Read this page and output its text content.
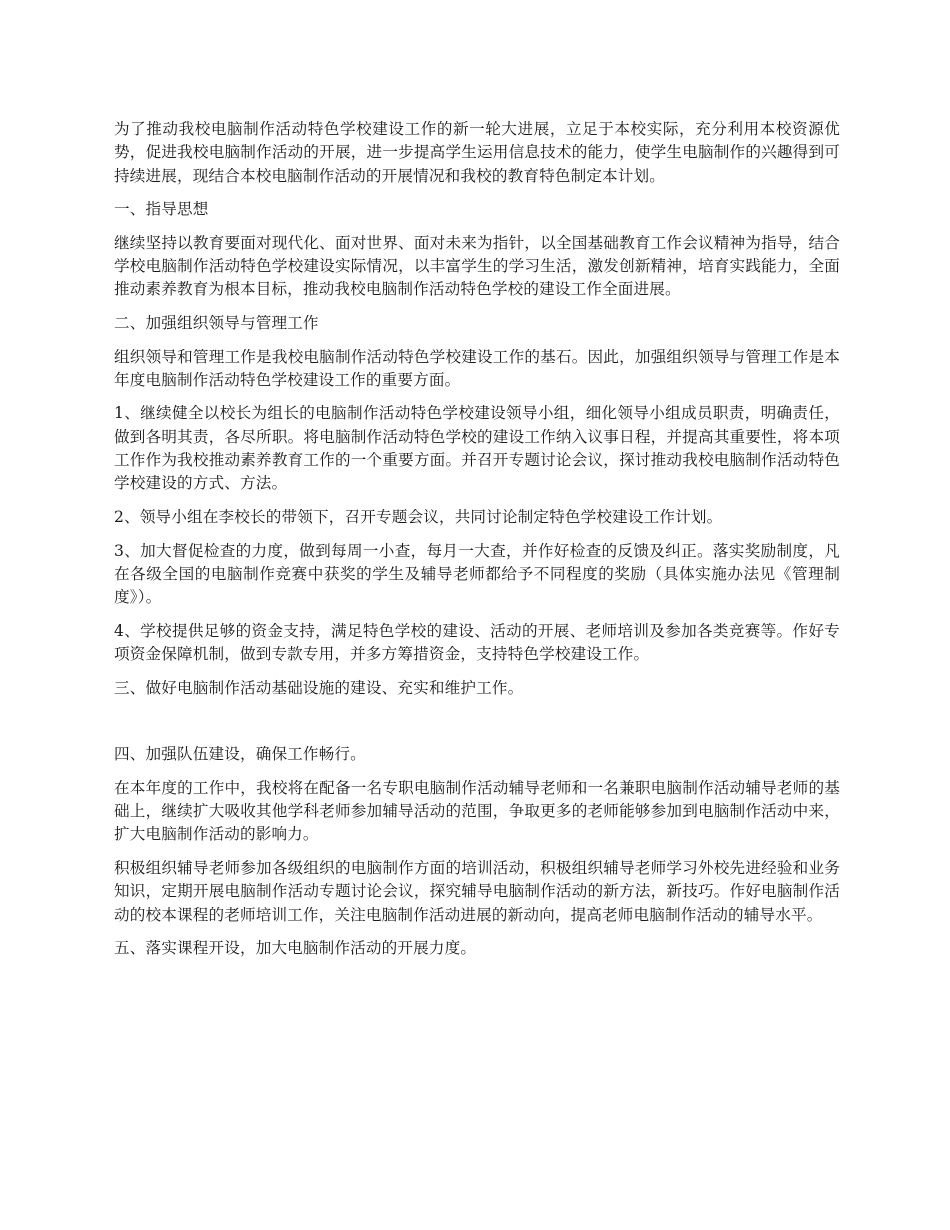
为了推动我校电脑制作活动特色学校建设工作的新一轮大进展，立足于本校实际，充分利用本校资源优势，促进我校电脑制作活动的开展，进一步提高学生运用信息技术的能力，使学生电脑制作的兴趣得到可持续进展，现结合本校电脑制作活动的开展情况和我校的教育特色制定本计划。

一、指导思想

继续坚持以教育要面对现代化、面对世界、面对未来为指针，以全国基础教育工作会议精神为指导，结合学校电脑制作活动特色学校建设实际情况，以丰富学生的学习生活，激发创新精神，培育实践能力，全面推动素养教育为根本目标，推动我校电脑制作活动特色学校的建设工作全面进展。

二、加强组织领导与管理工作

组织领导和管理工作是我校电脑制作活动特色学校建设工作的基石。因此，加强组织领导与管理工作是本年度电脑制作活动特色学校建设工作的重要方面。

1、继续健全以校长为组长的电脑制作活动特色学校建设领导小组，细化领导小组成员职责，明确责任，做到各明其责，各尽所职。将电脑制作活动特色学校的建设工作纳入议事日程，并提高其重要性，将本项工作作为我校推动素养教育工作的一个重要方面。并召开专题讨论会议，探讨推动我校电脑制作活动特色学校建设的方式、方法。

2、领导小组在李校长的带领下，召开专题会议，共同讨论制定特色学校建设工作计划。

3、加大督促检查的力度，做到每周一小查，每月一大查，并作好检查的反馈及纠正。落实奖励制度，凡在各级全国的电脑制作竞赛中获奖的学生及辅导老师都给予不同程度的奖励（具体实施办法见《管理制度》）。

4、学校提供足够的资金支持，满足特色学校的建设、活动的开展、老师培训及参加各类竞赛等。作好专项资金保障机制，做到专款专用，并多方筹措资金，支持特色学校建设工作。

三、做好电脑制作活动基础设施的建设、充实和维护工作。

四、加强队伍建设，确保工作畅行。

在本年度的工作中，我校将在配备一名专职电脑制作活动辅导老师和一名兼职电脑制作活动辅导老师的基础上，继续扩大吸收其他学科老师参加辅导活动的范围，争取更多的老师能够参加到电脑制作活动中来，扩大电脑制作活动的影响力。

积极组织辅导老师参加各级组织的电脑制作方面的培训活动，积极组织辅导老师学习外校先进经验和业务知识，定期开展电脑制作活动专题讨论会议，探究辅导电脑制作活动的新方法，新技巧。作好电脑制作活动的校本课程的老师培训工作，关注电脑制作活动进展的新动向，提高老师电脑制作活动的辅导水平。

五、落实课程开设，加大电脑制作活动的开展力度。
